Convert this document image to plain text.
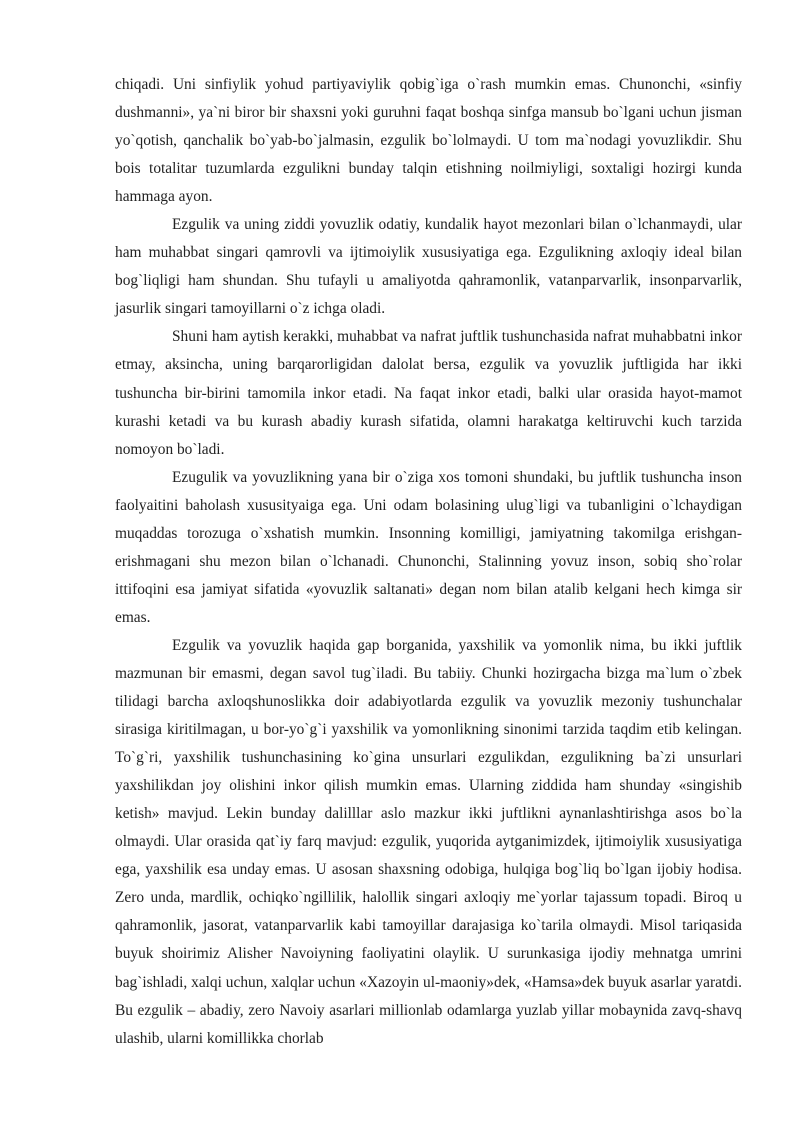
chiqadi. Uni sinfiylik yohud partiyaviylik qobig`iga o`rash mumkin emas. Chunonchi, «sinfiy dushmanni», ya`ni biror bir shaxsni yoki guruhni faqat boshqa sinfga mansub bo`lgani uchun jisman yo`qotish, qanchalik bo`yab-bo`jalmasin, ezgulik bo`lolmaydi. U tom ma`nodagi yovuzlikdir. Shu bois totalitar tuzumlarda ezgulikni bunday talqin etishning noilmiyligi, soxtaligi hozirgi kunda hammaga ayon.

Ezgulik va uning ziddi yovuzlik odatiy, kundalik hayot mezonlari bilan o`lchanmaydi, ular ham muhabbat singari qamrovli va ijtimoiylik xususiyatiga ega. Ezgulikning axloqiy ideal bilan bog`liqligi ham shundan. Shu tufayli u amaliyotda qahramonlik, vatanparvarlik, insonparvarlik, jasurlik singari tamoyillarni o`z ichga oladi.

Shuni ham aytish kerakki, muhabbat va nafrat juftlik tushunchasida nafrat muhabbatni inkor etmay, aksincha, uning barqarorligidan dalolat bersa, ezgulik va yovuzlik juftligida har ikki tushuncha bir-birini tamomila inkor etadi. Na faqat inkor etadi, balki ular orasida hayot-mamot kurashi ketadi va bu kurash abadiy kurash sifatida, olamni harakatga keltiruvchi kuch tarzida nomoyon bo`ladi.

Ezugulik va yovuzlikning yana bir o`ziga xos tomoni shundaki, bu juftlik tushuncha inson faolyaitini baholash xususityaiga ega. Uni odam bolasining ulug`ligi va tubanligini o`lchaydigan muqaddas torozuga o`xshatish mumkin. Insonning komilligi, jamiyatning takomilga erishgan-erishmagani shu mezon bilan o`lchanadi. Chunonchi, Stalinning yovuz inson, sobiq sho`rolar ittifoqini esa jamiyat sifatida «yovuzlik saltanati» degan nom bilan atalib kelgani hech kimga sir emas.

Ezgulik va yovuzlik haqida gap borganida, yaxshilik va yomonlik nima, bu ikki juftlik mazmunan bir emasmi, degan savol tug`iladi. Bu tabiiy. Chunki hozirgacha bizga ma`lum o`zbek tilidagi barcha axloqshunoslikka doir adabiyotlarda ezgulik va yovuzlik mezoniy tushunchalar sirasiga kiritilmagan, u bor-yo`g`i yaxshilik va yomonlikning sinonimi tarzida taqdim etib kelingan. To`g`ri, yaxshilik tushunchasining ko`gina unsurlari ezgulikdan, ezgulikning ba`zi unsurlari yaxshilikdan joy olishini inkor qilish mumkin emas. Ularning ziddida ham shunday «singishib ketish» mavjud. Lekin bunday dalilllar aslo mazkur ikki juftlikni aynanlashtirishga asos bo`la olmaydi. Ular orasida qat`iy farq mavjud: ezgulik, yuqorida aytganimizdek, ijtimoiylik xususiyatiga ega, yaxshilik esa unday emas. U asosan shaxsning odobiga, hulqiga bog`liq bo`lgan ijobiy hodisa. Zero unda, mardlik, ochiqko`ngillilik, halollik singari axloqiy me`yorlar tajassum topadi. Biroq u qahramonlik, jasorat, vatanparvarlik kabi tamoyillar darajasiga ko`tarila olmaydi. Misol tariqasida buyuk shoirimiz Alisher Navoiyning faoliyatini olaylik. U surunkasiga ijodiy mehnatga umrini bag`ishladi, xalqi uchun, xalqlar uchun «Xazoyin ul-maoniy»dek, «Hamsa»dek buyuk asarlar yaratdi. Bu ezgulik – abadiy, zero Navoiy asarlari millionlab odamlarga yuzlab yillar mobaynida zavq-shavq ulashib, ularni komillikka chorlab
